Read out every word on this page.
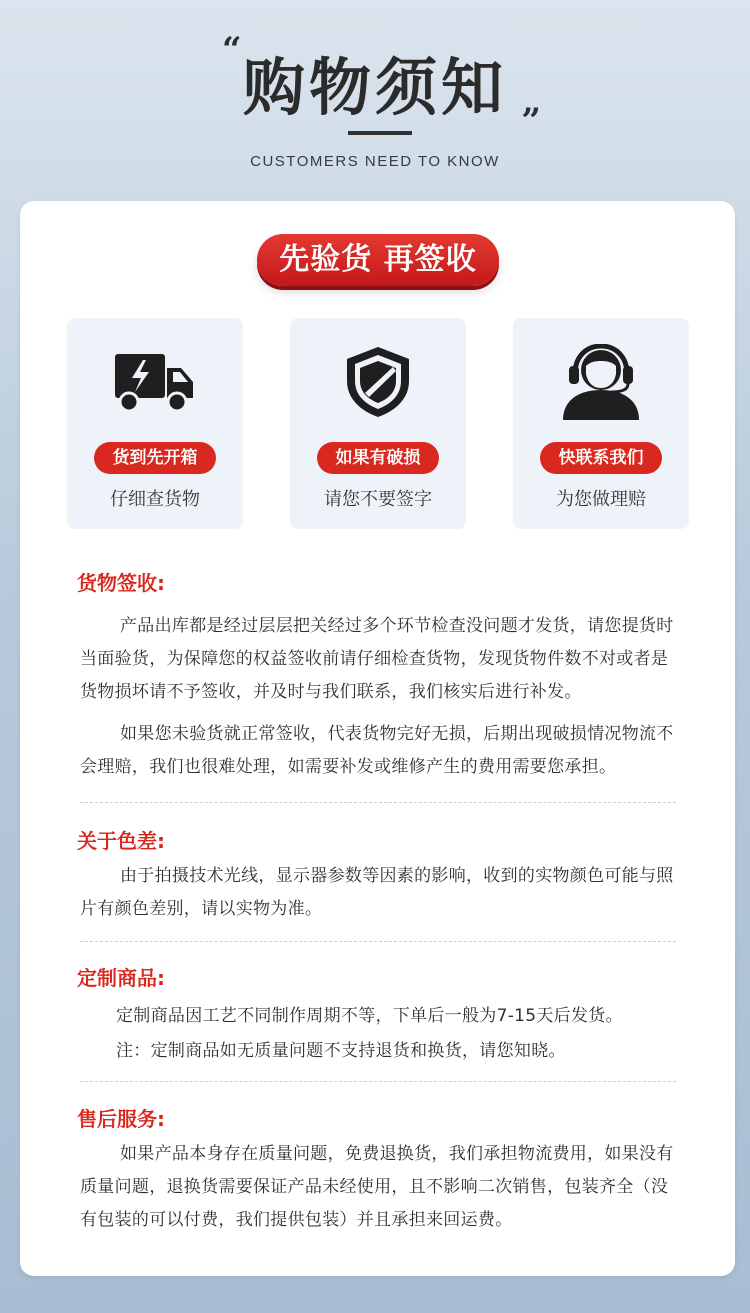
“
购物须知 „
CUSTOMERS NEED TO KNOW
先验货 再签收
货到先开箱
仔细查货物
如果有破损
请您不要签字
快联系我们
为您做理赔
货物签收:
产品出库都是经过层层把关经过多个环节检查没问题才发货，请您提货时当面验货，为保障您的权益签收前请仔细检查货物，发现货物件数不对或者是货物损坏请不予签收，并及时与我们联系，我们核实后进行补发。
如果您未验货就正常签收，代表货物完好无损，后期出现破损情况物流不会理赔，我们也很难处理，如需要补发或维修产生的费用需要您承担。
关于色差:
由于拍摄技术光线，显示器参数等因素的影响，收到的实物颜色可能与照片有颜色差别，请以实物为准。
定制商品:
定制商品因工艺不同制作周期不等，下单后一般为7-15天后发货。
注：定制商品如无质量问题不支持退货和换货，请您知晓。
售后服务:
如果产品本身存在质量问题，免费退换货，我们承担物流费用，如果没有质量问题，退换货需要保证产品未经使用，且不影响二次销售，包装齐全（没有包装的可以付费，我们提供包装）并且承担来回运费。
